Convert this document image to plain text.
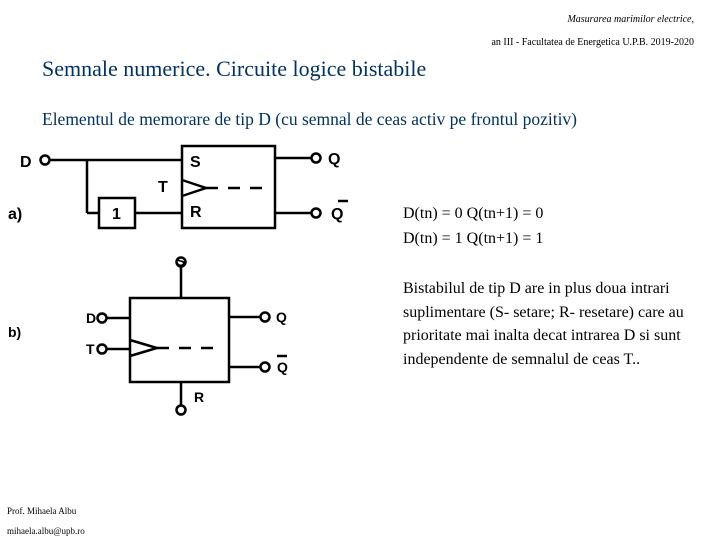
Masurarea marimilor electrice,
an III - Facultatea de Energetica U.P.B. 2019-2020
Semnale numerice. Circuite logice bistabile
Elementul de memorare de tip D (cu semnal de ceas activ pe frontul pozitiv)
D
T
S
R
1
Q
Q
a)
S
R
D
T
Q
Q
b)
D(tn) = 0 Q(tn+1) = 0
D(tn) = 1 Q(tn+1) = 1
Bistabilul de tip D are in plus doua intrari suplimentare (S- setare; R- resetare) care au prioritate mai inalta decat intrarea D si sunt independente de semnalul de ceas T..
Prof. Mihaela Albu
mihaela.albu@upb.ro
